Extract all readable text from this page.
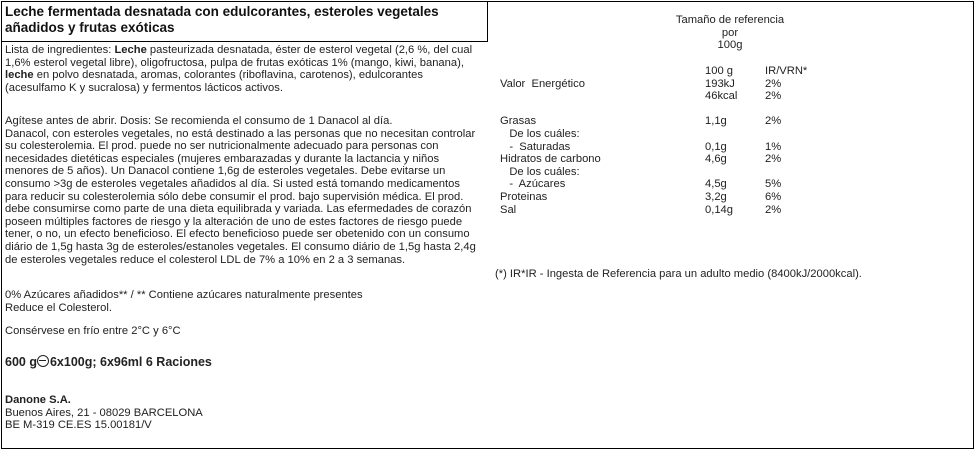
Leche fermentada desnatada con edulcorantes, esteroles vegetales
añadidos y frutas exóticas
Lista de ingredientes: Leche pasteurizada desnatada, éster de esterol vegetal (2,6 %, del cual
1,6% esterol vegetal libre), oligofructosa, pulpa de frutas exóticas 1% (mango, kiwi, banana),
leche en polvo desnatada, aromas, colorantes (riboflavina, carotenos), edulcorantes
(acesulfamo K y sucralosa) y fermentos lácticos activos.
Agítese antes de abrir. Dosis: Se recomienda el consumo de 1 Danacol al día.
Danacol, con esteroles vegetales, no está destinado a las personas que no necesitan controlar
su colesterolemia. El prod. puede no ser nutricionalmente adecuado para personas con
necesidades dietéticas especiales (mujeres embarazadas y durante la lactancia y niños
menores de 5 años). Un Danacol contiene 1,6g de esteroles vegetales. Debe evitarse un
consumo >3g de esteroles vegetales añadidos al día. Si usted está tomando medicamentos
para reducir su colesterolemia sólo debe consumir el prod. bajo supervisión médica. El prod.
debe consumirse como parte de una dieta equilibrada y variada. Las efermedades de corazón
poseen múltiples factores de riesgo y la alteración de uno de estes factores de riesgo puede
tener, o no, un efecto beneficioso. El efecto beneficioso puede ser obetenido con un consumo
diário de 1,5g hasta 3g de esteroles/estanoles vegetales. El consumo diário de 1,5g hasta 2,4g
de esteroles vegetales reduce el colesterol LDL de 7% a 10% en 2 a 3 semanas.
0% Azúcares añadidos** / ** Contiene azúcares naturalmente presentes
Reduce el Colesterol.
Consérvese en frío entre 2°C y 6°C
600 g 6x100g; 6x96ml 6 Raciones
Danone S.A.
Buenos Aires, 21 - 08029 BARCELONA
BE M-319 CE.ES 15.00181/V
Tamaño de referencia por
100g
100 g	IR/VRN*
Valor  Energético	193kJ	2%
46kcal 2%
Grasas	1,1g	2%
De los cuáles:
-  Saturadas	0,1g	1%
Hidratos de carbono	4,6g	2%
De los cuáles:
-  Azúcares	4,5g	5%
Proteinas	3,2g	6%
Sal	0,14g	2%
(*) IR*IR - Ingesta de Referencia para un adulto medio (8400kJ/2000kcal).
